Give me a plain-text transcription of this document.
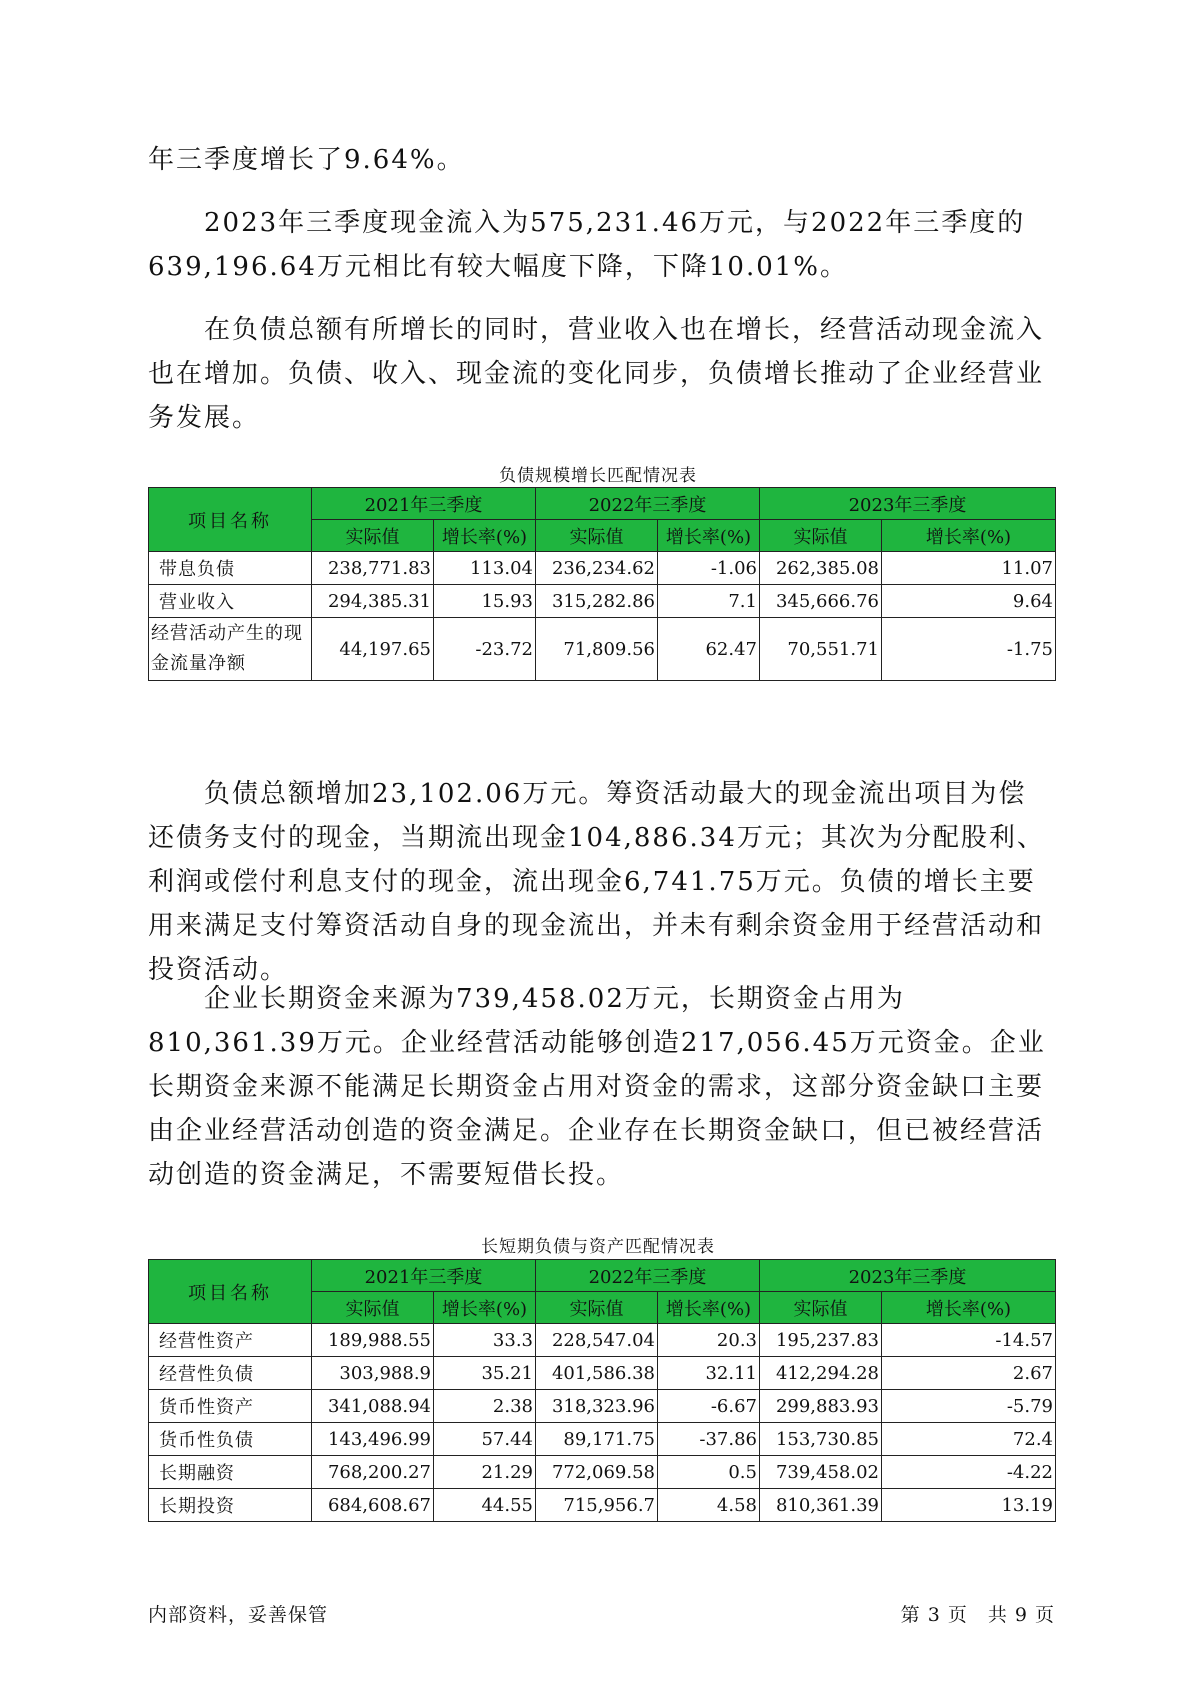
年三季度增长了9.64%。

2023年三季度现金流入为575,231.46万元，与2022年三季度的639,196.64万元相比有较大幅度下降，下降10.01%。

在负债总额有所增长的同时，营业收入也在增长，经营活动现金流入也在增加。负债、收入、现金流的变化同步，负债增长推动了企业经营业务发展。

负债规模增长匹配情况表
项目名称	2021年三季度		2022年三季度		2023年三季度	
	实际值	增长率(%)	实际值	增长率(%)	实际值	增长率(%)
带息负债	238,771.83	113.04	236,234.62	-1.06	262,385.08	11.07
营业收入	294,385.31	15.93	315,282.86	7.1	345,666.76	9.64
经营活动产生的现金流量净额	44,197.65	-23.72	71,809.56	62.47	70,551.71	-1.75

负债总额增加23,102.06万元。筹资活动最大的现金流出项目为偿还债务支付的现金，当期流出现金104,886.34万元；其次为分配股利、利润或偿付利息支付的现金，流出现金6,741.75万元。负债的增长主要用来满足支付筹资活动自身的现金流出，并未有剩余资金用于经营活动和投资活动。

企业长期资金来源为739,458.02万元，长期资金占用为810,361.39万元。企业经营活动能够创造217,056.45万元资金。企业长期资金来源不能满足长期资金占用对资金的需求，这部分资金缺口主要由企业经营活动创造的资金满足。企业存在长期资金缺口，但已被经营活动创造的资金满足，不需要短借长投。

长短期负债与资产匹配情况表
项目名称	2021年三季度		2022年三季度		2023年三季度	
	实际值	增长率(%)	实际值	增长率(%)	实际值	增长率(%)
经营性资产	189,988.55	33.3	228,547.04	20.3	195,237.83	-14.57
经营性负债	303,988.9	35.21	401,586.38	32.11	412,294.28	2.67
货币性资产	341,088.94	2.38	318,323.96	-6.67	299,883.93	-5.79
货币性负债	143,496.99	57.44	89,171.75	-37.86	153,730.85	72.4
长期融资	768,200.27	21.29	772,069.58	0.5	739,458.02	-4.22
长期投资	684,608.67	44.55	715,956.7	4.58	810,361.39	13.19
内部资料，妥善保管	第 3 页　共 9 页
